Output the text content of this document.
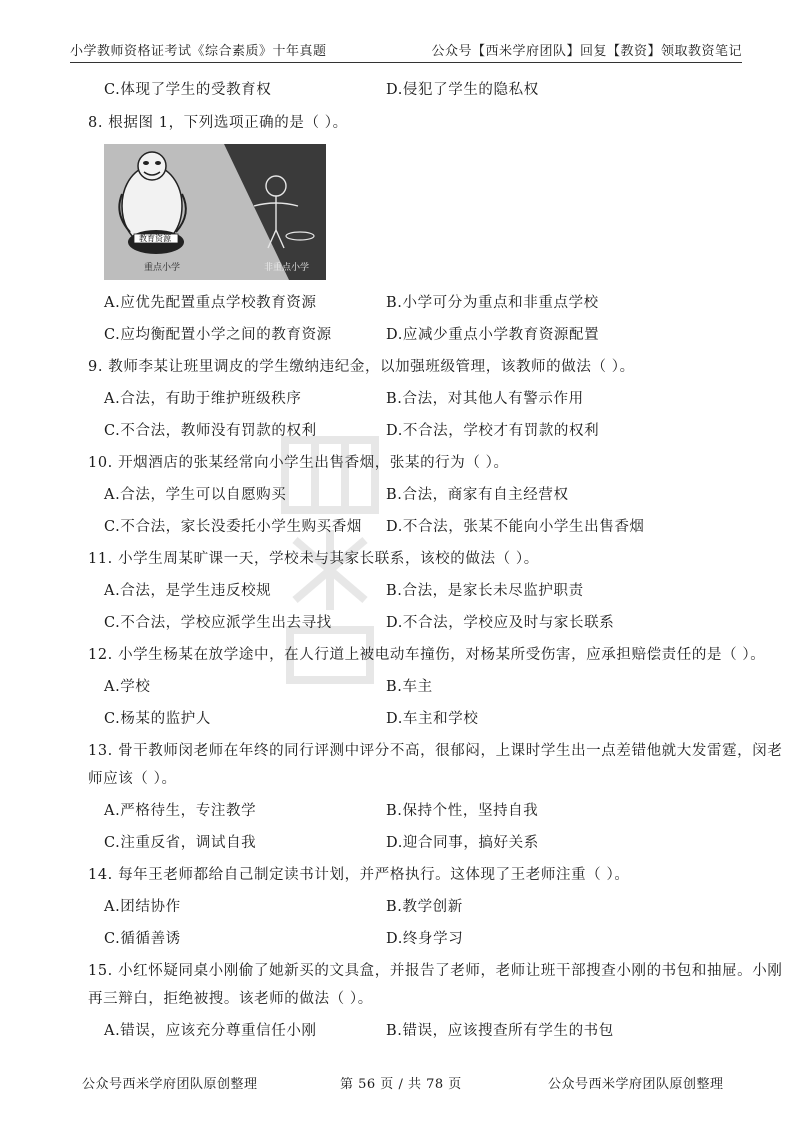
小学教师资格证考试《综合素质》十年真题	公众号【西米学府团队】回复【教资】领取教资笔记
C.体现了学生的受教育权	D.侵犯了学生的隐私权
8. 根据图 1，下列选项正确的是（ ）。
A.应优先配置重点学校教育资源	B.小学可分为重点和非重点学校
C.应均衡配置小学之间的教育资源	D.应减少重点小学教育资源配置
9. 教师李某让班里调皮的学生缴纳违纪金，以加强班级管理，该教师的做法（ ）。
A.合法，有助于维护班级秩序	B.合法，对其他人有警示作用
C.不合法，教师没有罚款的权利	D.不合法，学校才有罚款的权利
10. 开烟酒店的张某经常向小学生出售香烟，张某的行为（ ）。
A.合法，学生可以自愿购买	B.合法，商家有自主经营权
C.不合法，家长没委托小学生购买香烟 D.不合法，张某不能向小学生出售香烟
11. 小学生周某旷课一天，学校未与其家长联系，该校的做法（ ）。
A.合法，是学生违反校规	B.合法，是家长未尽监护职责
C.不合法，学校应派学生出去寻找	D.不合法，学校应及时与家长联系
12. 小学生杨某在放学途中，在人行道上被电动车撞伤，对杨某所受伤害，应承担赔偿责任的是（ ）。
A.学校	B.车主
C.杨某的监护人	D.车主和学校
13. 骨干教师闵老师在年终的同行评测中评分不高，很郁闷，上课时学生出一点差错他就大发雷霆，闵老
师应该（ ）。
A.严格待生，专注教学	B.保持个性，坚持自我
C.注重反省，调试自我	D.迎合同事，搞好关系
14. 每年王老师都给自己制定读书计划，并严格执行。这体现了王老师注重（ ）。
A.团结协作	B.教学创新
C.循循善诱	D.终身学习
15. 小红怀疑同桌小刚偷了她新买的文具盒，并报告了老师，老师让班干部搜查小刚的书包和抽屉。小刚
再三辩白，拒绝被搜。该老师的做法（ ）。
A.错误，应该充分尊重信任小刚	B.错误，应该搜查所有学生的书包
教育资源
重点小学	非重点小学
公众号西米学府团队原创整理	第 56 页 / 共 78 页	公众号西米学府团队原创整理
